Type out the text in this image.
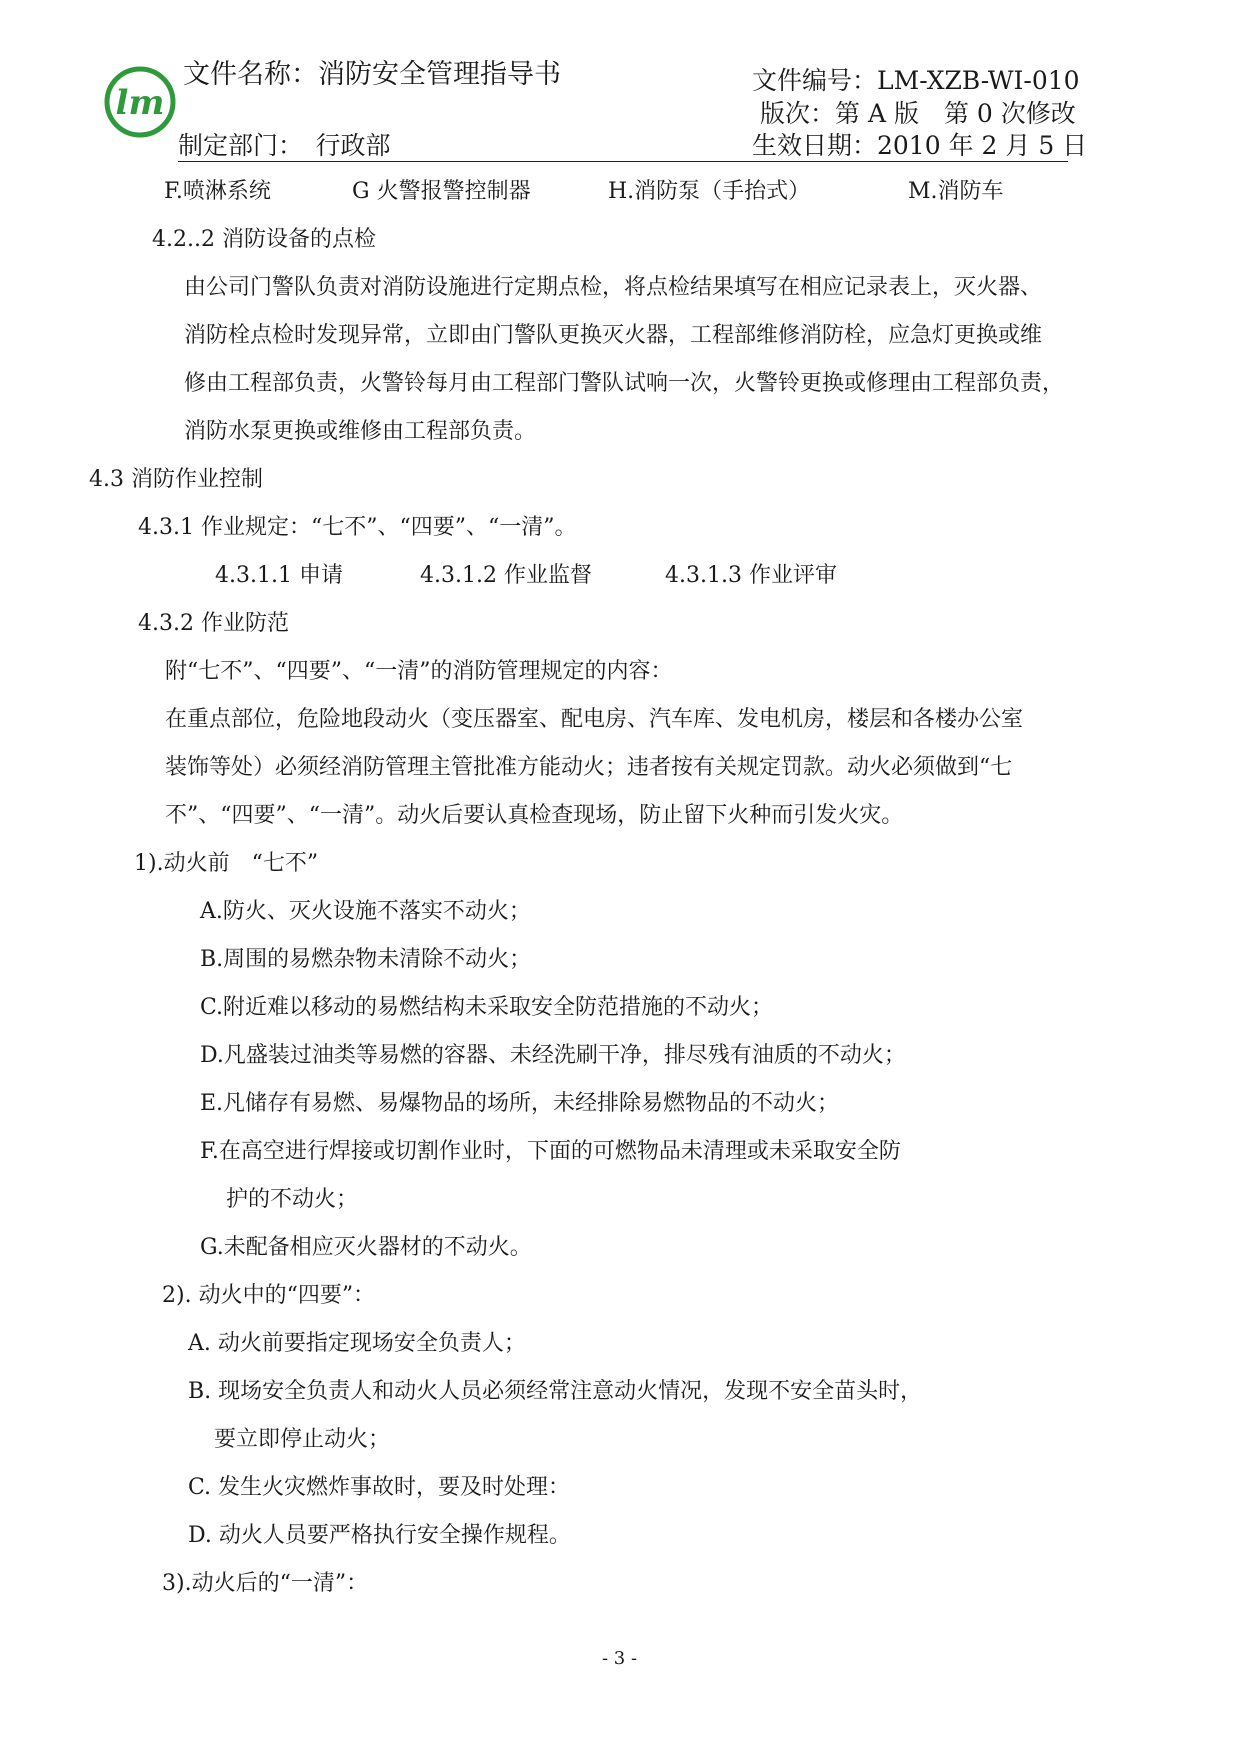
lm
文件名称：消防安全管理指导书	文件编号：LM-XZB-WI-010
版次：第 A 版　第 0 次修改
制定部门：　行政部	生效日期：2010 年 2 月 5 日
F.喷淋系统	G 火警报警控制器	H.消防泵（手抬式）	M.消防车
4.2..2 消防设备的点检
由公司门警队负责对消防设施进行定期点检，将点检结果填写在相应记录表上，灭火器、
消防栓点检时发现异常，立即由门警队更换灭火器，工程部维修消防栓，应急灯更换或维
修由工程部负责，火警铃每月由工程部门警队试响一次，火警铃更换或修理由工程部负责，
消防水泵更换或维修由工程部负责。
4.3 消防作业控制
4.3.1 作业规定：“七不”、“四要”、“一清”。
4.3.1.1 申请	4.3.1.2 作业监督	4.3.1.3 作业评审
4.3.2 作业防范
附“七不”、“四要”、“一清”的消防管理规定的内容：
在重点部位，危险地段动火（变压器室、配电房、汽车库、发电机房，楼层和各楼办公室
装饰等处）必须经消防管理主管批准方能动火；违者按有关规定罚款。动火必须做到“七
不”、“四要”、“一清”。动火后要认真检查现场，防止留下火种而引发火灾。
1).动火前　“七不”
A.防火、灭火设施不落实不动火；
B.周围的易燃杂物未清除不动火；
C.附近难以移动的易燃结构未采取安全防范措施的不动火；
D.凡盛装过油类等易燃的容器、未经洗刷干净，排尽残有油质的不动火；
E.凡储存有易燃、易爆物品的场所，未经排除易燃物品的不动火；
F.在高空进行焊接或切割作业时，下面的可燃物品未清理或未采取安全防
护的不动火；
G.未配备相应灭火器材的不动火。
2). 动火中的“四要”：
A. 动火前要指定现场安全负责人；
B. 现场安全负责人和动火人员必须经常注意动火情况，发现不安全苗头时，
要立即停止动火；
C. 发生火灾燃炸事故时，要及时处理：
D. 动火人员要严格执行安全操作规程。
3).动火后的“一清”：
- 3 -
